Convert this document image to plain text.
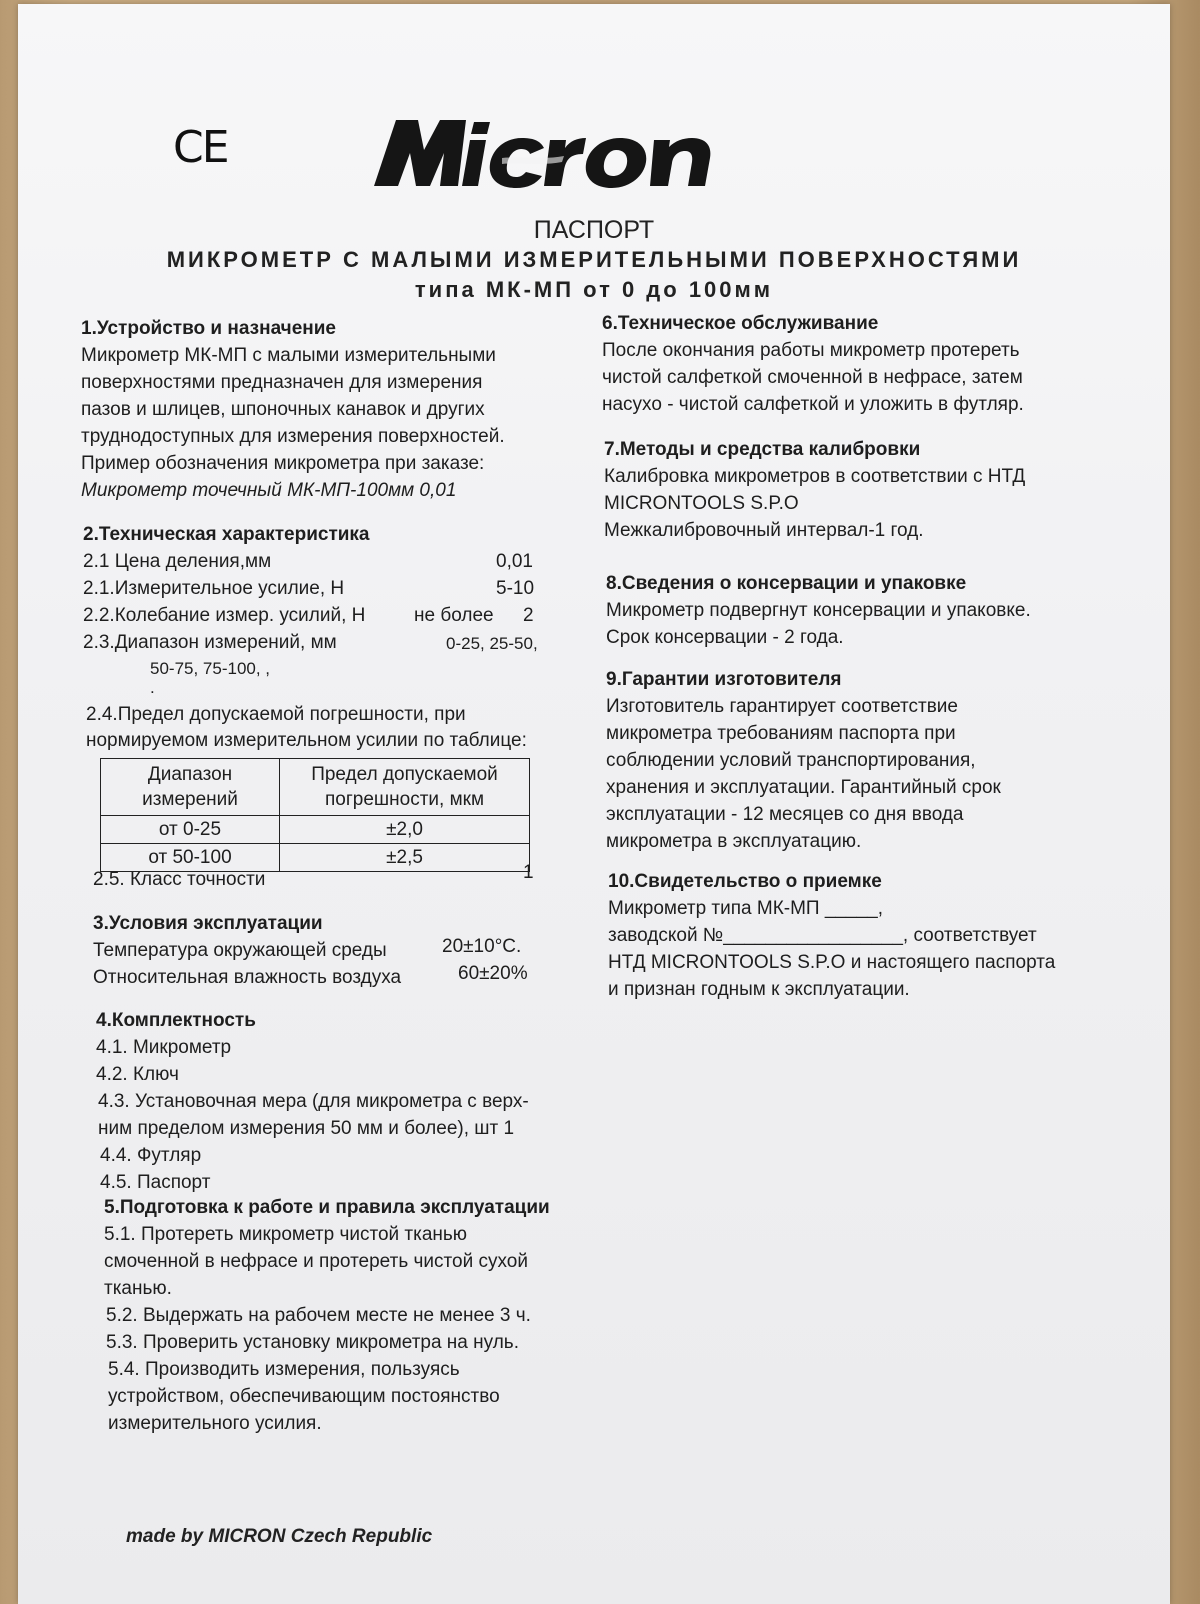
CE
ПАСПОРТ
МИКРОМЕТР С МАЛЫМИ ИЗМЕРИТЕЛЬНЫМИ ПОВЕРХНОСТЯМИ
типа МК-МП от 0 до 100мм
1.Устройство и назначение
Микрометр МК-МП с малыми измерительными
поверхностями предназначен для измерения
пазов и шлицев, шпоночных канавок и других
труднодоступных для измерения поверхностей.
Пример обозначения микрометра при заказе:
Микрометр точечный МК-МП-100мм 0,01
2.Техническая характеристика
2.1 Цена деления,мм	0,01
2.1.Измерительное усилие, Н	5-10
2.2.Колебание измер. усилий, Н	не более 2
2.3.Диапазон измерений, мм	0-25, 25-50,
50-75, 75-100, ,
.
2.4.Предел допускаемой погрешности, при
нормируемом измерительном усилии по таблице:
Диапазон измерений	Предел допускаемой погрешности, мкм
от 0-25	±2,0
от 50-100	±2,5
2.5. Класс точности	1
3.Условия эксплуатации
Температура окружающей среды	20±10°C.
Относительная влажность воздуха	60±20%
4.Комплектность
4.1. Микрометр
4.2. Ключ
4.3. Установочная мера (для микрометра с верх-
ним пределом измерения 50 мм и более), шт 1
4.4. Футляр
4.5. Паспорт
5.Подготовка к работе и правила эксплуатации
5.1. Протереть микрометр чистой тканью
смоченной в нефрасе и протереть чистой сухой
тканью.
5.2. Выдержать на рабочем месте не менее 3 ч.
5.3. Проверить установку микрометра на нуль.
5.4. Производить измерения, пользуясь
устройством, обеспечивающим постоянство
измерительного усилия.
6.Техническое обслуживание
После окончания работы микрометр протереть
чистой салфеткой смоченной в нефрасе, затем
насухо - чистой салфеткой и уложить в футляр.
7.Методы и средства калибровки
Калибровка микрометров в соответствии с НТД
MICRONTOOLS S.P.O
Межкалибровочный интервал-1 год.
8.Сведения о консервации и упаковке
Микрометр подвергнут консервации и упаковке.
Срок консервации - 2 года.
9.Гарантии изготовителя
Изготовитель гарантирует соответствие
микрометра требованиям паспорта при
соблюдении условий транспортирования,
хранения и эксплуатации. Гарантийный срок
эксплуатации - 12 месяцев со дня ввода
микрометра в эксплуатацию.
10.Свидетельство о приемке
Микрометр типа МК-МП _____,
заводской №_________________, соответствует
НТД MICRONTOOLS S.P.O и настоящего паспорта
и признан годным к эксплуатации.
made by MICRON Czech Republic
